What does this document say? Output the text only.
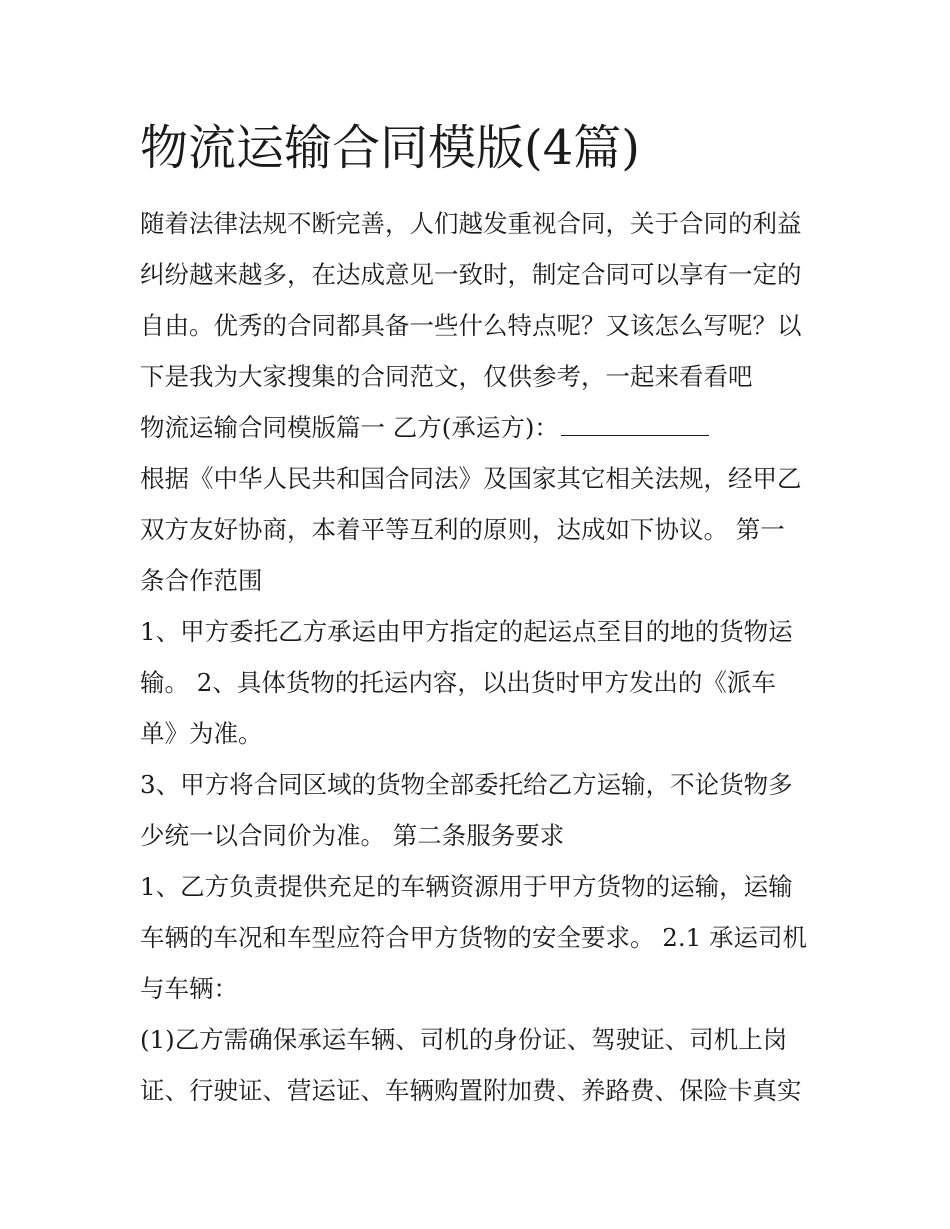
物流运输合同模版(4篇)
随着法律法规不断完善，人们越发重视合同，关于合同的利益
纠纷越来越多，在达成意见一致时，制定合同可以享有一定的
自由。优秀的合同都具备一些什么特点呢？又该怎么写呢？以
下是我为大家搜集的合同范文，仅供参考，一起来看看吧
物流运输合同模版篇一 乙方(承运方)：
根据《中华人民共和国合同法》及国家其它相关法规，经甲乙
双方友好协商，本着平等互利的原则，达成如下协议。 第一
条合作范围
1、甲方委托乙方承运由甲方指定的起运点至目的地的货物运
输。 2、具体货物的托运内容，以出货时甲方发出的《派车
单》为准。
3、甲方将合同区域的货物全部委托给乙方运输，不论货物多
少统一以合同价为准。 第二条服务要求
1、乙方负责提供充足的车辆资源用于甲方货物的运输，运输
车辆的车况和车型应符合甲方货物的安全要求。 2.1 承运司机
与车辆：
(1)乙方需确保承运车辆、司机的身份证、驾驶证、司机上岗
证、行驶证、营运证、车辆购置附加费、养路费、保险卡真实
